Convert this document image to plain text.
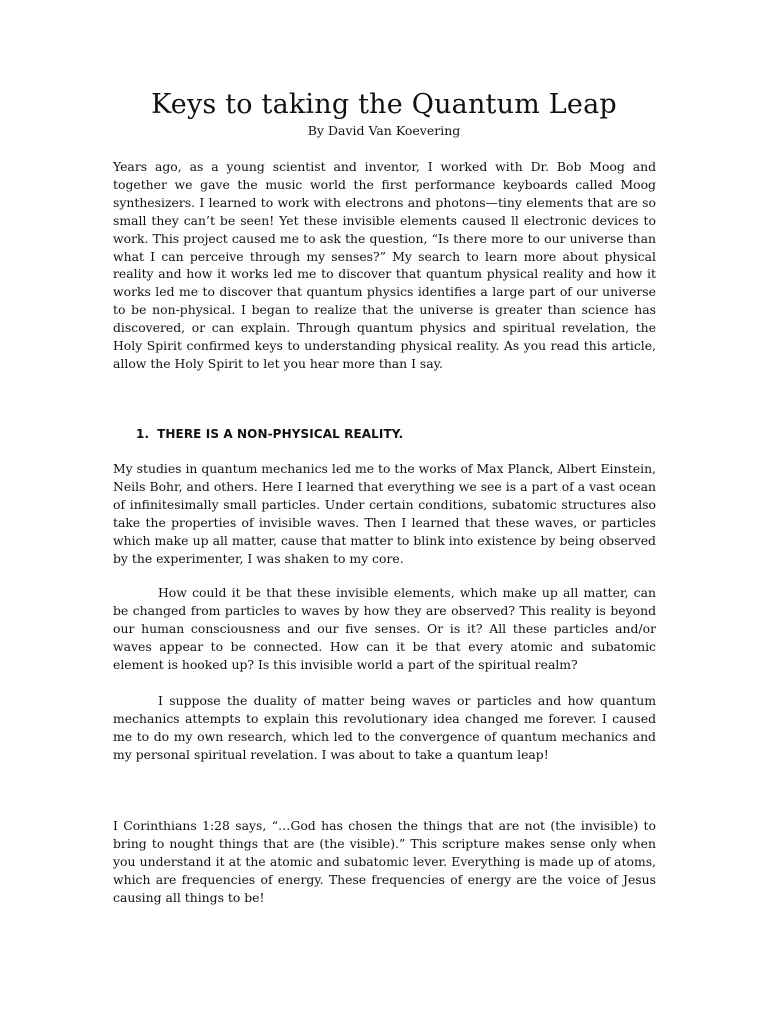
Keys to taking the Quantum Leap

By David Van Koevering

Years ago, as a young scientist and inventor, I worked with Dr. Bob Moog and together we gave the music world the first performance keyboards called Moog synthesizers. I learned to work with electrons and photons—tiny elements that are so small they can’t be seen! Yet these invisible elements caused ll electronic devices to work. This project caused me to ask the question, “Is there more to our universe than what I can perceive through my senses?” My search to learn more about physical reality and how it works led me to discover that quantum physical reality and how it works led me to discover that quantum physics identifies a large part of our universe to be non-physical. I began to realize that the universe is greater than science has discovered, or can explain. Through quantum physics and spiritual revelation, the Holy Spirit confirmed keys to understanding physical reality. As you read this article, allow the Holy Spirit to let you hear more than I say.

1. THERE IS A NON-PHYSICAL REALITY.

My studies in quantum mechanics led me to the works of Max Planck, Albert Einstein, Neils Bohr, and others. Here I learned that everything we see is a part of a vast ocean of infinitesimally small particles. Under certain conditions, subatomic structures also take the properties of invisible waves. Then I learned that these waves, or particles which make up all matter, cause that matter to blink into existence by being observed by the experimenter, I was shaken to my core.

How could it be that these invisible elements, which make up all matter, can be changed from particles to waves by how they are observed? This reality is beyond our human consciousness and our five senses. Or is it? All these particles and/or waves appear to be connected. How can it be that every atomic and subatomic element is hooked up? Is this invisible world a part of the spiritual realm?

I suppose the duality of matter being waves or particles and how quantum mechanics attempts to explain this revolutionary idea changed me forever. I caused me to do my own research, which led to the convergence of quantum mechanics and my personal spiritual revelation. I was about to take a quantum leap!

I Corinthians 1:28 says, “…God has chosen the things that are not (the invisible) to bring to nought things that are (the visible).” This scripture makes sense only when you understand it at the atomic and subatomic lever. Everything is made up of atoms, which are frequencies of energy. These frequencies of energy are the voice of Jesus causing all things to be!
